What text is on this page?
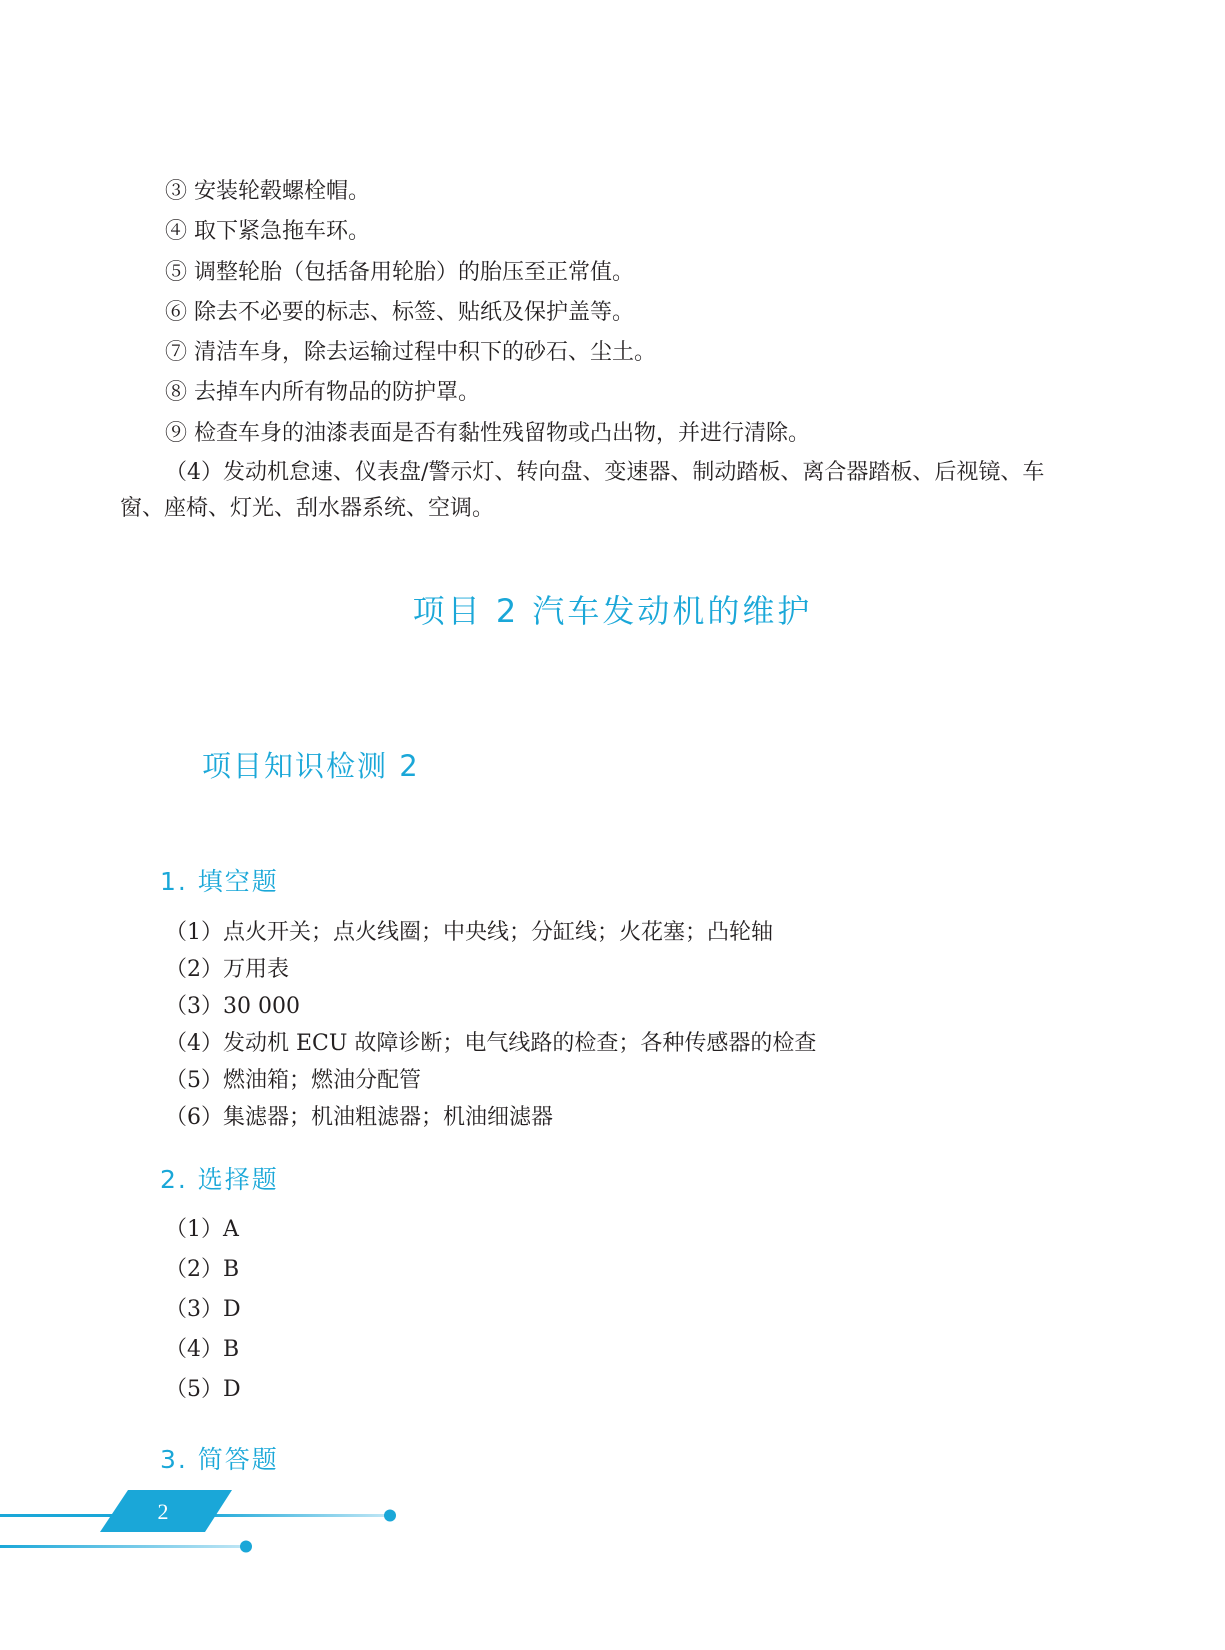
③ 安装轮毂螺栓帽。
④ 取下紧急拖车环。
⑤ 调整轮胎（包括备用轮胎）的胎压至正常值。
⑥ 除去不必要的标志、标签、贴纸及保护盖等。
⑦ 清洁车身，除去运输过程中积下的砂石、尘土。
⑧ 去掉车内所有物品的防护罩。
⑨ 检查车身的油漆表面是否有黏性残留物或凸出物，并进行清除。
（4）发动机怠速、仪表盘/警示灯、转向盘、变速器、制动踏板、离合器踏板、后视镜、车窗、座椅、灯光、刮水器系统、空调。
项目 2 汽车发动机的维护
项目知识检测 2
1. 填空题
（1）点火开关；点火线圈；中央线；分缸线；火花塞；凸轮轴
（2）万用表
（3）30 000
（4）发动机 ECU 故障诊断；电气线路的检查；各种传感器的检查
（5）燃油箱；燃油分配管
（6）集滤器；机油粗滤器；机油细滤器
2. 选择题
（1）A
（2）B
（3）D
（4）B
（5）D
3. 简答题
2
